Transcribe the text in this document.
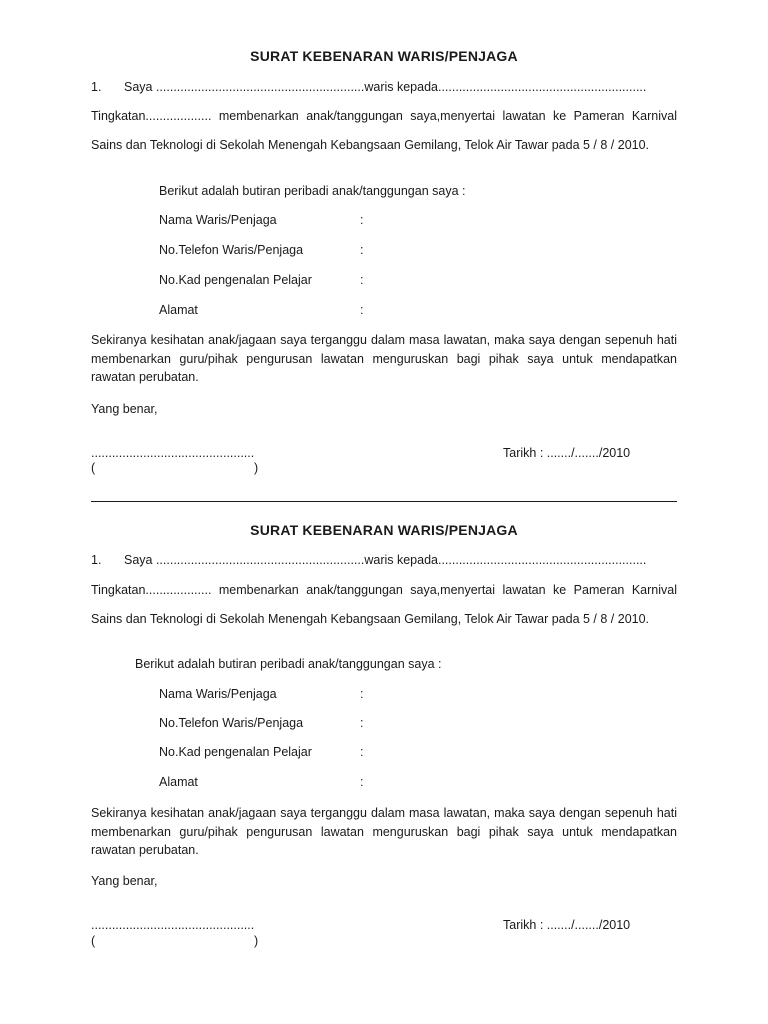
SURAT KEBENARAN WARIS/PENJAGA
1. Saya ............................................................waris kepada............................................................
Tingkatan................... membenarkan anak/tanggungan saya,menyertai lawatan ke Pameran Karnival
Sains dan Teknologi di Sekolah Menengah Kebangsaan Gemilang, Telok Air Tawar pada 5 / 8 / 2010.
Berikut adalah butiran peribadi anak/tanggungan saya :
Nama Waris/Penjaga	:
No.Telefon Waris/Penjaga	:
No.Kad pengenalan Pelajar	:
Alamat	:
Sekiranya kesihatan anak/jagaan saya terganggu dalam masa lawatan, maka saya dengan sepenuh hati membenarkan guru/pihak pengurusan lawatan menguruskan bagi pihak saya untuk mendapatkan rawatan perubatan.
Yang benar,
...............................................	Tarikh : ......./......./2010
(	)
SURAT KEBENARAN WARIS/PENJAGA
1. Saya ............................................................waris kepada............................................................
Tingkatan................... membenarkan anak/tanggungan saya,menyertai lawatan ke Pameran Karnival
Sains dan Teknologi di Sekolah Menengah Kebangsaan Gemilang, Telok Air Tawar pada 5 / 8 / 2010.
Berikut adalah butiran peribadi anak/tanggungan saya :
Nama Waris/Penjaga	:
No.Telefon Waris/Penjaga	:
No.Kad pengenalan Pelajar	:
Alamat	:
Sekiranya kesihatan anak/jagaan saya terganggu dalam masa lawatan, maka saya dengan sepenuh hati membenarkan guru/pihak pengurusan lawatan menguruskan bagi pihak saya untuk mendapatkan rawatan perubatan.
Yang benar,
...............................................	Tarikh : ......./......./2010
(	)
